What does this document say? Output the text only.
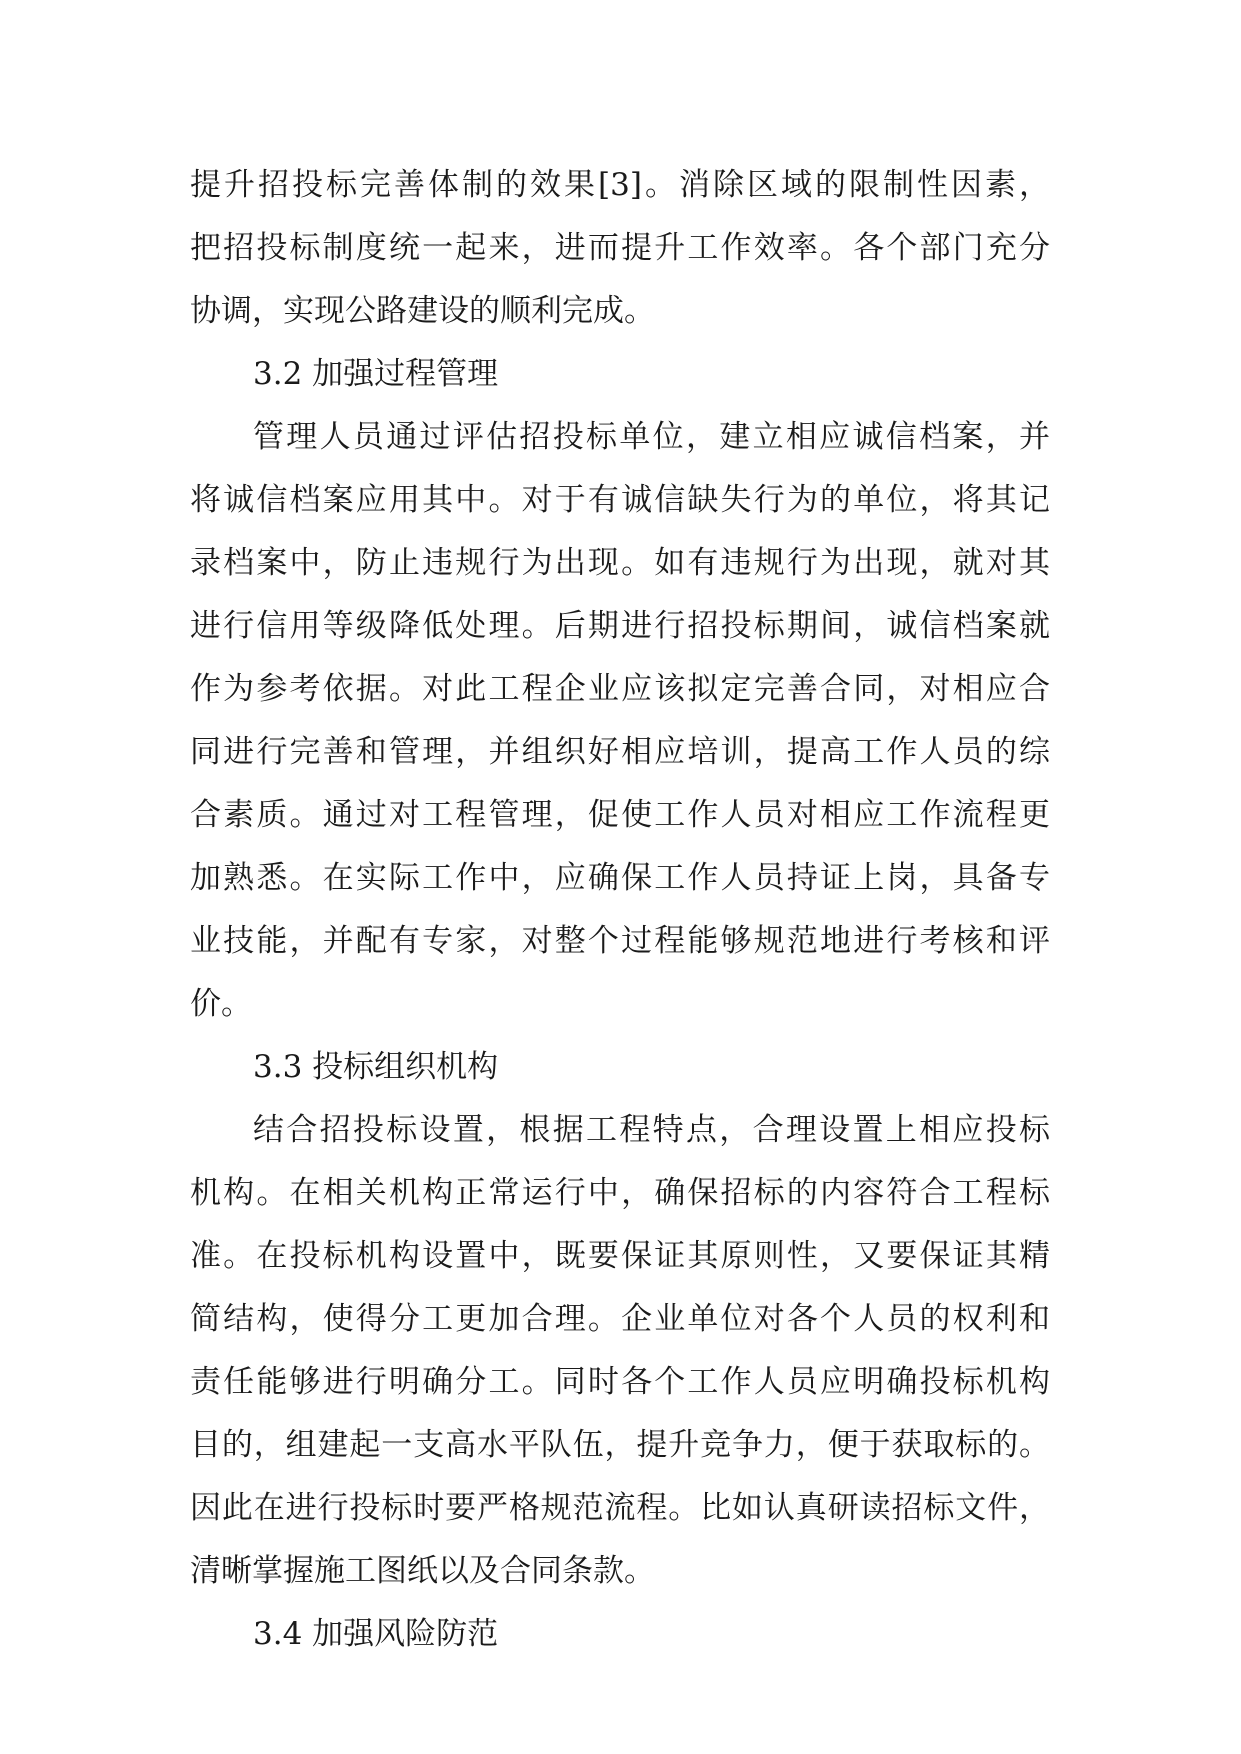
提升招投标完善体制的效果[3]。消除区域的限制性因素，
把招投标制度统一起来，进而提升工作效率。各个部门充分
协调，实现公路建设的顺利完成。
3.2 加强过程管理
管理人员通过评估招投标单位，建立相应诚信档案，并
将诚信档案应用其中。对于有诚信缺失行为的单位，将其记
录档案中，防止违规行为出现。如有违规行为出现，就对其
进行信用等级降低处理。后期进行招投标期间，诚信档案就
作为参考依据。对此工程企业应该拟定完善合同，对相应合
同进行完善和管理，并组织好相应培训，提高工作人员的综
合素质。通过对工程管理，促使工作人员对相应工作流程更
加熟悉。在实际工作中，应确保工作人员持证上岗，具备专
业技能，并配有专家，对整个过程能够规范地进行考核和评
价。
3.3 投标组织机构
结合招投标设置，根据工程特点，合理设置上相应投标
机构。在相关机构正常运行中，确保招标的内容符合工程标
准。在投标机构设置中，既要保证其原则性，又要保证其精
简结构，使得分工更加合理。企业单位对各个人员的权利和
责任能够进行明确分工。同时各个工作人员应明确投标机构
目的，组建起一支高水平队伍，提升竞争力，便于获取标的。
因此在进行投标时要严格规范流程。比如认真研读招标文件，
清晰掌握施工图纸以及合同条款。
3.4 加强风险防范
